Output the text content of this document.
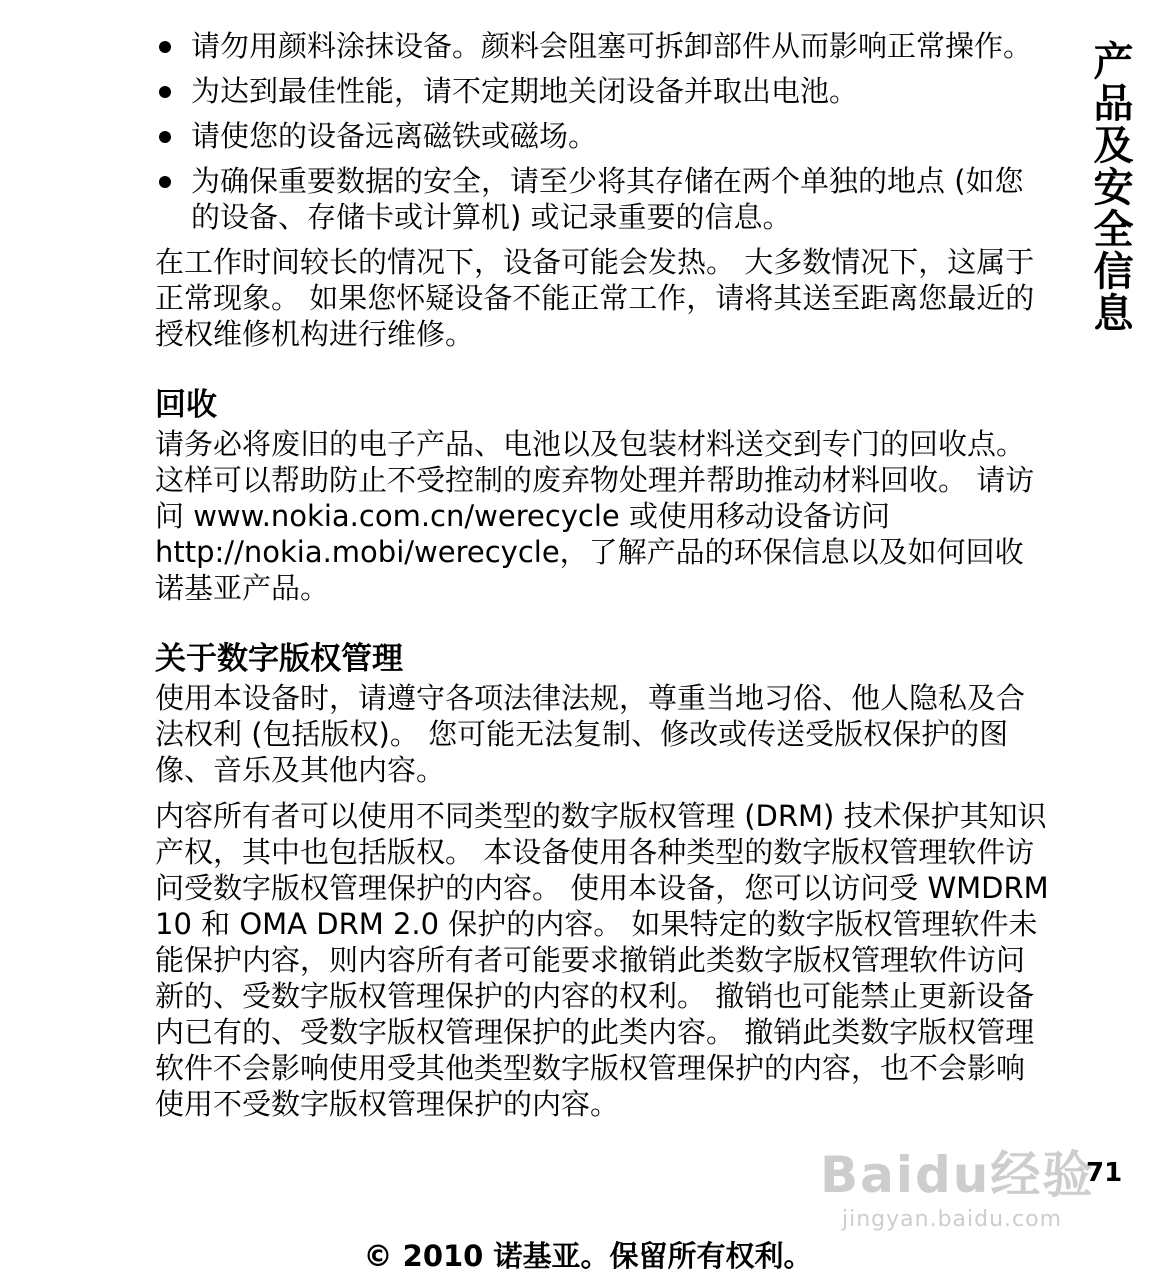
产品及安全信息
请勿用颜料涂抹设备。颜料会阻塞可拆卸部件从而影响正常操作。
为达到最佳性能，请不定期地关闭设备并取出电池。
请使您的设备远离磁铁或磁场。
为确保重要数据的安全，请至少将其存储在两个单独的地点 (如您的设备、存储卡或计算机) 或记录重要的信息。

在工作时间较长的情况下，设备可能会发热。 大多数情况下，这属于正常现象。 如果您怀疑设备不能正常工作，请将其送至距离您最近的授权维修机构进行维修。

回收

请务必将废旧的电子产品、电池以及包装材料送交到专门的回收点。 这样可以帮助防止不受控制的废弃物处理并帮助推动材料回收。 请访问 www.nokia.com.cn/werecycle 或使用移动设备访问 http://nokia.mobi/werecycle，了解产品的环保信息以及如何回收诺基亚产品。

关于数字版权管理

使用本设备时，请遵守各项法律法规，尊重当地习俗、他人隐私及合法权利 (包括版权)。 您可能无法复制、修改或传送受版权保护的图像、音乐及其他内容。

内容所有者可以使用不同类型的数字版权管理 (DRM) 技术保护其知识产权，其中也包括版权。 本设备使用各种类型的数字版权管理软件访问受数字版权管理保护的内容。 使用本设备，您可以访问受 WMDRM 10 和 OMA DRM 2.0 保护的内容。 如果特定的数字版权管理软件未能保护内容，则内容所有者可能要求撤销此类数字版权管理软件访问新的、受数字版权管理保护的内容的权利。 撤销也可能禁止更新设备内已有的、受数字版权管理保护的此类内容。 撤销此类数字版权管理软件不会影响使用受其他类型数字版权管理保护的内容，也不会影响使用不受数字版权管理保护的内容。

Baidu经验
jingyan.baidu.com
71
© 2010 诺基亚。保留所有权利。
